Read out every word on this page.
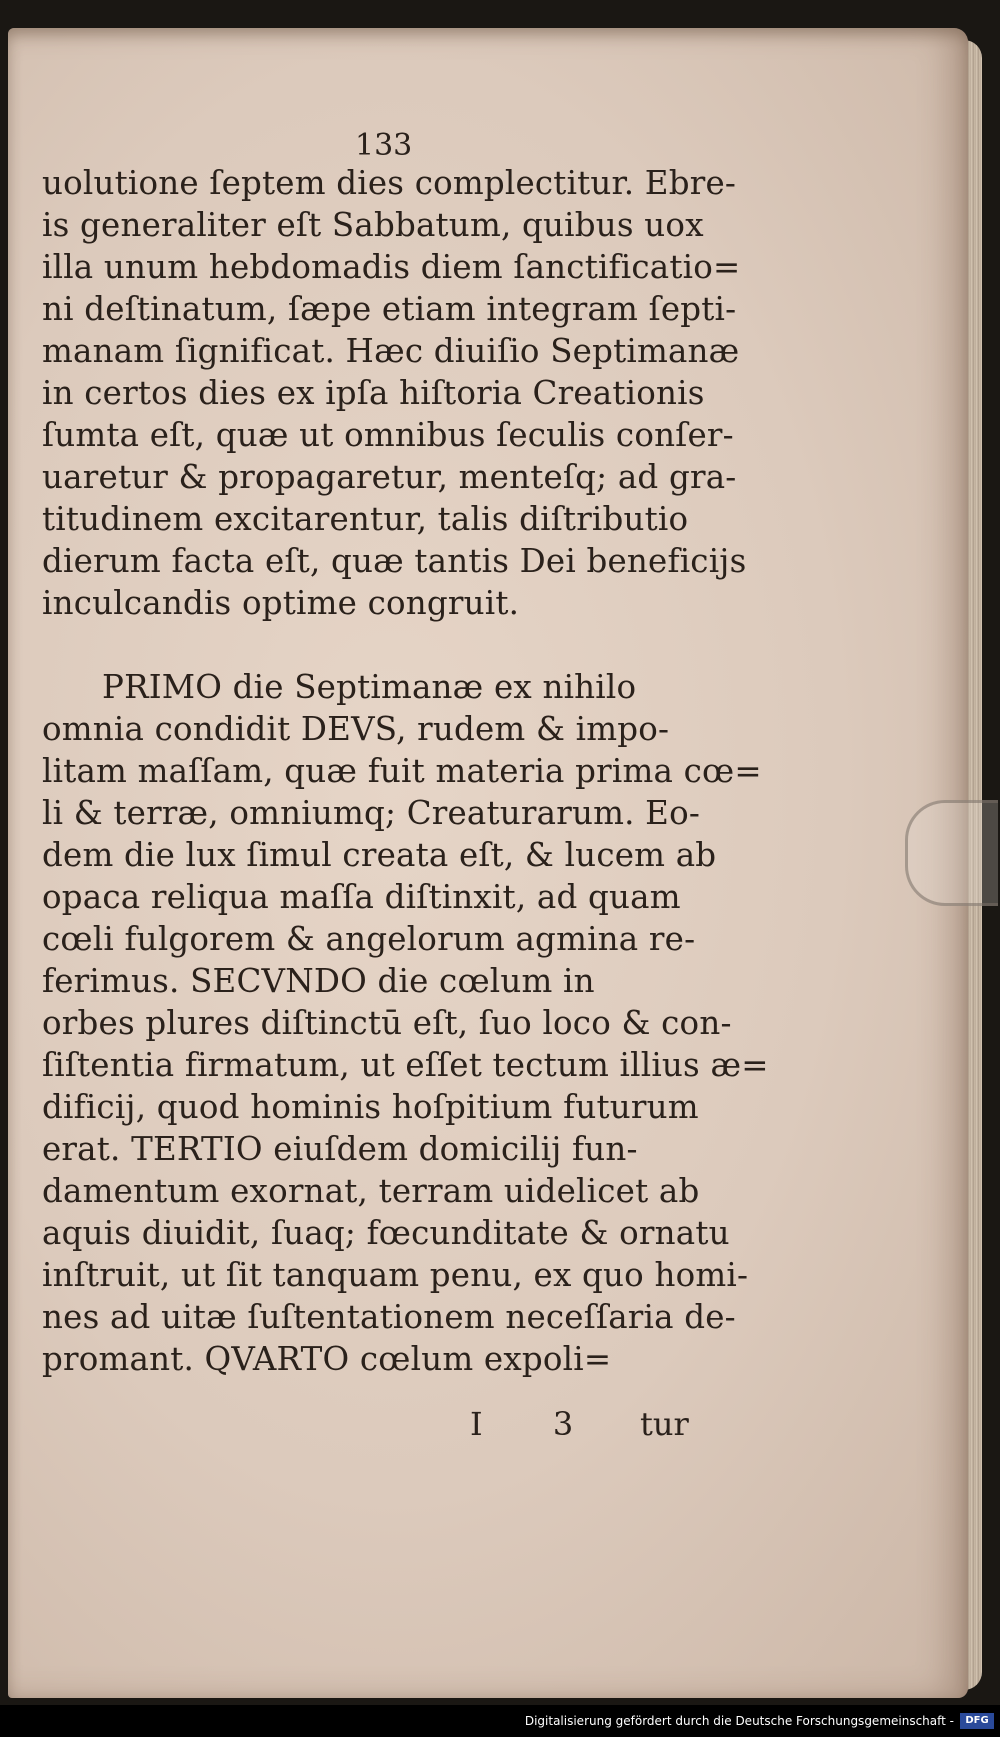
133
uolutione ſeptem dies complectitur. Ebre-
is generaliter eſt Sabbatum, quibus uox
illa unum hebdomadis diem ſanctificatio=
ni deſtinatum, ſæpe etiam integram ſepti-
manam ſignificat. Hæc diuiſio Septimanæ
in certos dies ex ipſa hiſtoria Creationis
ſumta eſt, quæ ut omnibus ſeculis conſer-
uaretur & propagaretur, menteſq; ad gra-
titudinem excitarentur, talis diſtributio
dierum facta eſt, quæ tantis Dei beneficijs
inculcandis optime congruit.
PRIMO die Septimanæ ex nihilo
omnia condidit DEVS, rudem & impo-
litam maſſam, quæ fuit materia prima cœ=
li & terræ, omniumq; Creaturarum. Eo-
dem die lux ſimul creata eſt, & lucem ab
opaca reliqua maſſa diſtinxit, ad quam
cœli fulgorem & angelorum agmina re-
ferimus. SECVNDO die cœlum in
orbes plures diſtinctū eſt, ſuo loco & con-
ſiſtentia firmatum, ut eſſet tectum illius æ=
dificij, quod hominis hoſpitium futurum
erat. TERTIO eiuſdem domicilij fun-
damentum exornat, terram uidelicet ab
aquis diuidit, ſuaq; fœcunditate & ornatu
inſtruit, ut ſit tanquam penu, ex quo homi-
nes ad uitæ ſuſtentationem neceſſaria de-
promant. QVARTO cœlum expoli=
I 3 tur
Digitalisierung gefördert durch die Deutsche Forschungsgemeinschaft -	DFG
